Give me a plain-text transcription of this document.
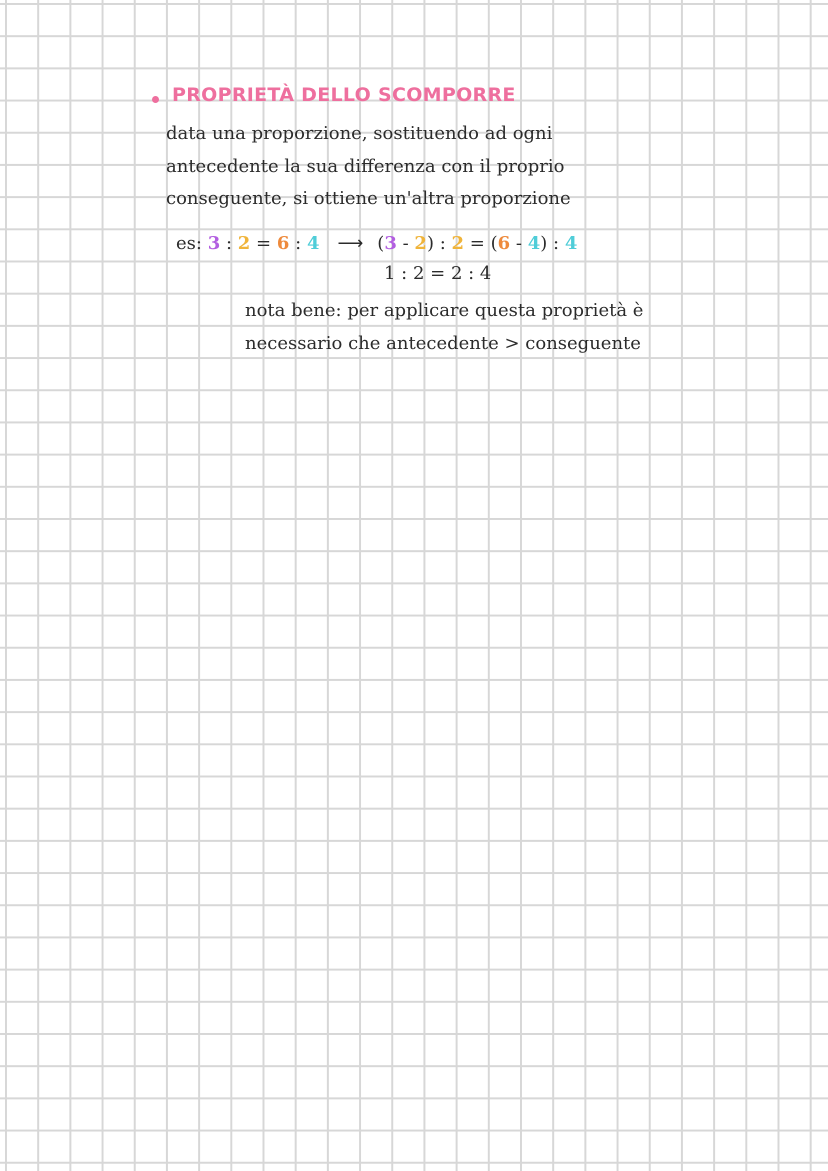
PROPRIETÀ DELLO SCOMPORRE
data una proporzione, sostituendo ad ogni
antecedente la sua differenza con il proprio
conseguente, si ottiene un'altra proporzione
es:
3
:
2
=
6
:
4 ⟶ ( 3
-
2 )
:
2
=
( 6
-
4 )
:
4
1 : 2 = 2 : 4
nota bene: per applicare questa proprietà è
necessario che antecedente > conseguente
